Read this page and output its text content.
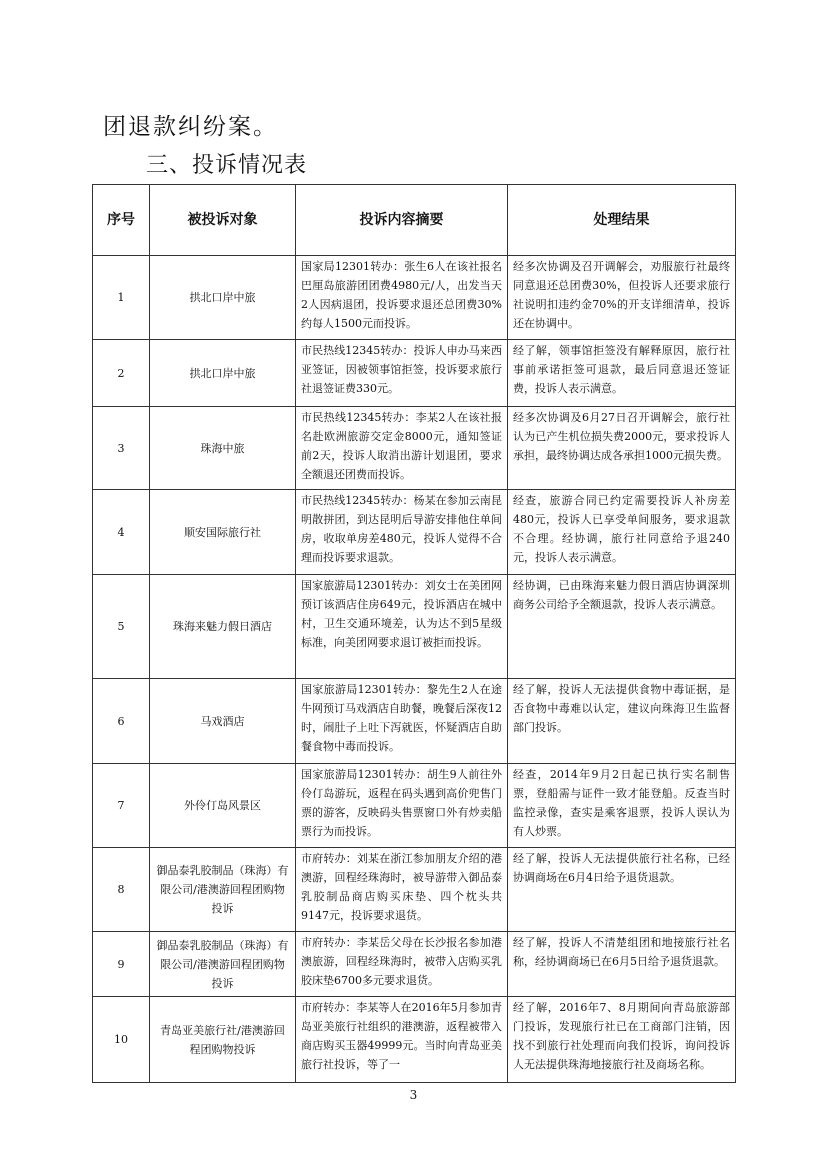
团退款纠纷案。
三、投诉情况表
序号	被投诉对象	投诉内容摘要	处理结果
1	拱北口岸中旅	国家局12301转办：张生6人在该社报名巴厘岛旅游团团费4980元/人，出发当天2人因病退团，投诉要求退还总团费30%约每人1500元而投诉。	经多次协调及召开调解会，劝服旅行社最终同意退还总团费30%，但投诉人还要求旅行社说明扣违约金70%的开支详细清单，投诉还在协调中。
2	拱北口岸中旅	市民热线12345转办：投诉人申办马来西亚签证，因被领事馆拒签，投诉要求旅行社退签证费330元。	经了解，领事馆拒签没有解释原因，旅行社事前承诺拒签可退款，最后同意退还签证费，投诉人表示满意。
3	珠海中旅	市民热线12345转办：李某2人在该社报名赴欧洲旅游交定金8000元，通知签证前2天，投诉人取消出游计划退团，要求全额退还团费而投诉。	经多次协调及6月27日召开调解会，旅行社认为已产生机位损失费2000元，要求投诉人承担，最终协调达成各承担1000元损失费。
4	顺安国际旅行社	市民热线12345转办：杨某在参加云南昆明散拼团，到达昆明后导游安排他住单间房，收取单房差480元，投诉人觉得不合理而投诉要求退款。	经查，旅游合同已约定需要投诉人补房差480元，投诉人已享受单间服务，要求退款不合理。经协调，旅行社同意给予退240元，投诉人表示满意。
5	珠海来魅力假日酒店	国家旅游局12301转办：刘女士在美团网预订该酒店住房649元，投诉酒店在城中村，卫生交通环境差，认为达不到5星级标准，向美团网要求退订被拒而投诉。	经协调，已由珠海来魅力假日酒店协调深圳商务公司给予全额退款，投诉人表示满意。
6	马戏酒店	国家旅游局12301转办：黎先生2人在途牛网预订马戏酒店自助餐，晚餐后深夜12时，闹肚子上吐下泻就医，怀疑酒店自助餐食物中毒而投诉。	经了解，投诉人无法提供食物中毒证据，是否食物中毒难以认定，建议向珠海卫生监督部门投诉。
7	外伶仃岛风景区	国家旅游局12301转办：胡生9人前往外伶仃岛游玩，返程在码头遇到高价兜售门票的游客，反映码头售票窗口外有炒卖船票行为而投诉。	经查，2014年9月2日起已执行实名制售票，登船需与证件一致才能登船。反查当时监控录像，查实是乘客退票，投诉人误认为有人炒票。
8	御品泰乳胶制品（珠海）有限公司/港澳游回程团购物投诉	市府转办：刘某在浙江参加朋友介绍的港澳游，回程经珠海时，被导游带入御品泰乳胶制品商店购买床垫、四个枕头共9147元，投诉要求退货。	经了解，投诉人无法提供旅行社名称，已经协调商场在6月4日给予退货退款。
9	御品泰乳胶制品（珠海）有限公司/港澳游回程团购物投诉	市府转办：李某岳父母在长沙报名参加港澳旅游，回程经珠海时，被带入店购买乳胶床垫6700多元要求退货。	经了解，投诉人不清楚组团和地接旅行社名称，经协调商场已在6月5日给予退货退款。
10	青岛亚美旅行社/港澳游回程团购物投诉	市府转办：李某等人在2016年5月参加青岛亚美旅行社组织的港澳游，返程被带入商店购买玉器49999元。当时向青岛亚美旅行社投诉，等了一	经了解，2016年7、8月期间向青岛旅游部门投诉，发现旅行社已在工商部门注销，因找不到旅行社处理而向我们投诉，询问投诉人无法提供珠海地接旅行社及商场名称。
3
